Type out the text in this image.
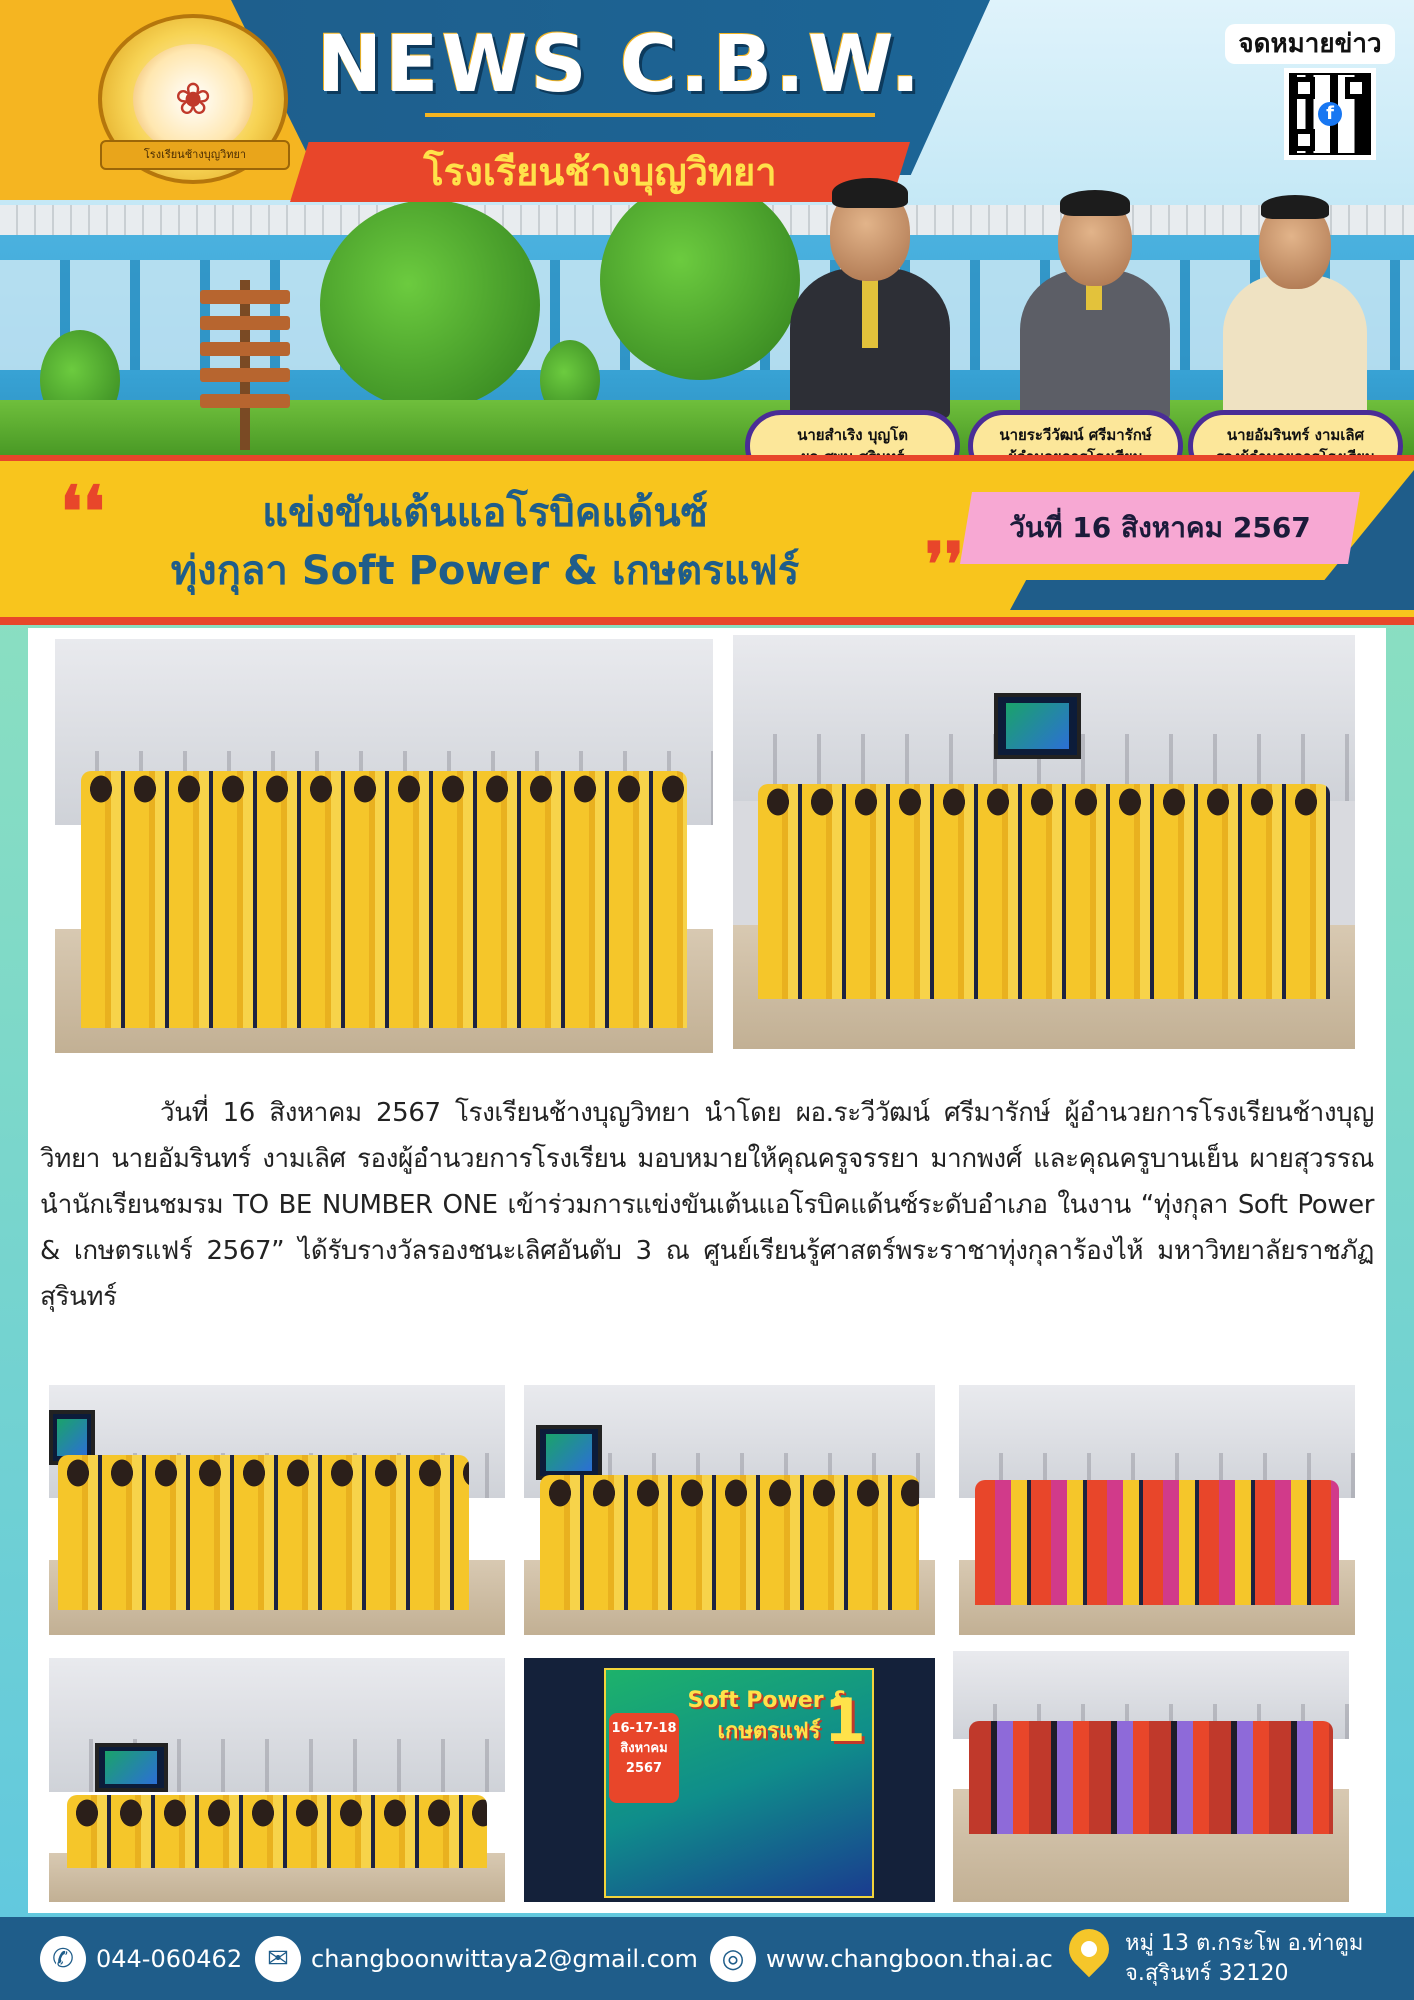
❀
โรงเรียนช้างบุญวิทยา
NEWS C.B.W.
โรงเรียนช้างบุญวิทยา
จดหมายข่าว
f
นายสำเริง บุญโต	นายระวีวัฒน์ ศรีมารักษ์	นายอัมรินทร์ งามเลิศ
❛❛	แข่งขันเต้นแอโรบิคแด้นซ์
ทุ่งกุลา Soft Power & เกษตรแฟร์	❜❜
วันที่ 16 สิงหาคม 2567
วันที่ 16 สิงหาคม 2567 โรงเรียนช้างบุญวิทยา นำโดย ผอ.ระวีวัฒน์ ศรีมารักษ์ ผู้อำนวยการโรงเรียนช้างบุญวิทยา นายอัมรินทร์ งามเลิศ รองผู้อำนวยการโรงเรียน มอบหมายให้คุณครูจรรยา มากพงศ์ และคุณครูบานเย็น ผายสุวรรณ นำนักเรียนชมรม TO BE NUMBER ONE เข้าร่วมการแข่งขันเต้นแอโรบิคแด้นซ์ระดับอำเภอ ในงาน “ทุ่งกุลา Soft Power & เกษตรแฟร์ 2567” ได้รับรางวัลรองชนะเลิศอันดับ 3 ณ ศูนย์เรียนรู้ศาสตร์พระราชาทุ่งกุลาร้องไห้ มหาวิทยาลัยราชภัฏสุรินทร์
16-17-18
สิงหาคม
2567
Soft Power & เกษตรแฟร์ 1
✆ 044-060462 ✉ changboonwittaya2@gmail.com ◎ www.changboon.thai.ac
หมู่ 13 ต.กระโพ อ.ท่าตูม
จ.สุรินทร์ 32120
